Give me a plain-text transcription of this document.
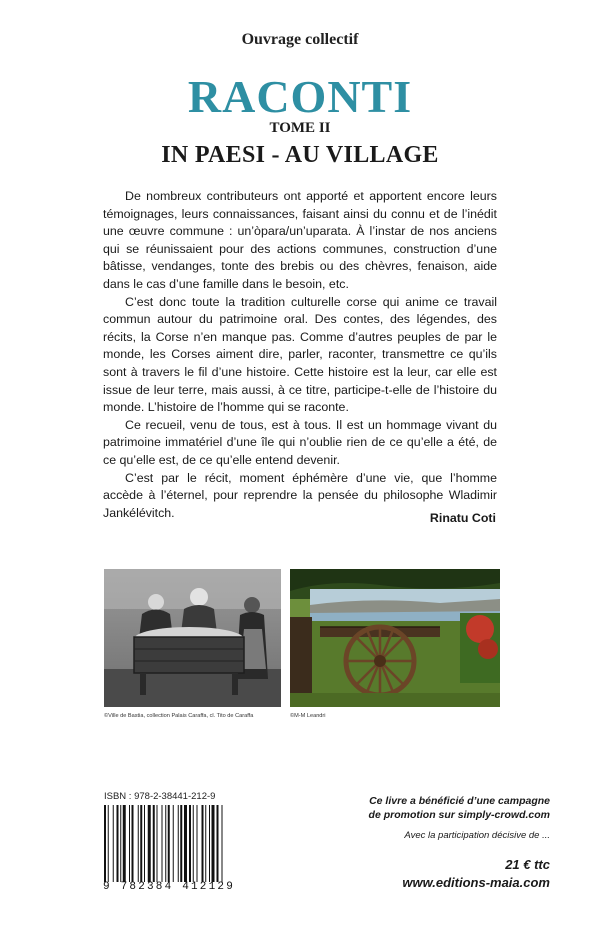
Ouvrage collectif
RACONTI
TOME II
IN PAESI - AU VILLAGE

De nombreux contributeurs ont apporté et apportent encore leurs témoignages, leurs connaissances, faisant ainsi du connu et de l’inédit une œuvre commune : un’òpara/un’uparata. À l’instar de nos anciens qui se réunissaient pour des actions communes, construction d’une bâtisse, vendanges, tonte des brebis ou des chèvres, fenaison, aide dans le cas d’une famille dans le besoin, etc.

C’est donc toute la tradition culturelle corse qui anime ce travail commun autour du patrimoine oral. Des contes, des légendes, des récits, la Corse n’en manque pas. Comme d’autres peuples de par le monde, les Corses aiment dire, parler, raconter, transmettre ce qu’ils sont à travers le fil d’une histoire. Cette histoire est la leur, car elle est issue de leur terre, mais aussi, à ce titre, participe-t-elle de l’histoire du monde. L’histoire de l’homme qui se raconte.

Ce recueil, venu de tous, est à tous. Il est un hommage vivant du patrimoine immatériel d’une île qui n’oublie rien de ce qu’elle a été, de ce qu’elle est, de ce qu’elle entend devenir.

C’est par le récit, moment éphémère d’une vie, que l’homme accède à l’éternel, pour reprendre la pensée du philosophe Wladimir Jankélévitch.	Rinatu Coti
©Ville de Bastia, collection Palais Caraffa, cl. Tito de Caraffa	©M-M Leandri
ISBN : 978-2-38441-212-9
9 782384 412129
Ce livre a bénéficié d’une campagne
de promotion sur simply-crowd.com
Avec la participation décisive de ...
21 € ttc
www.editions-maia.com
